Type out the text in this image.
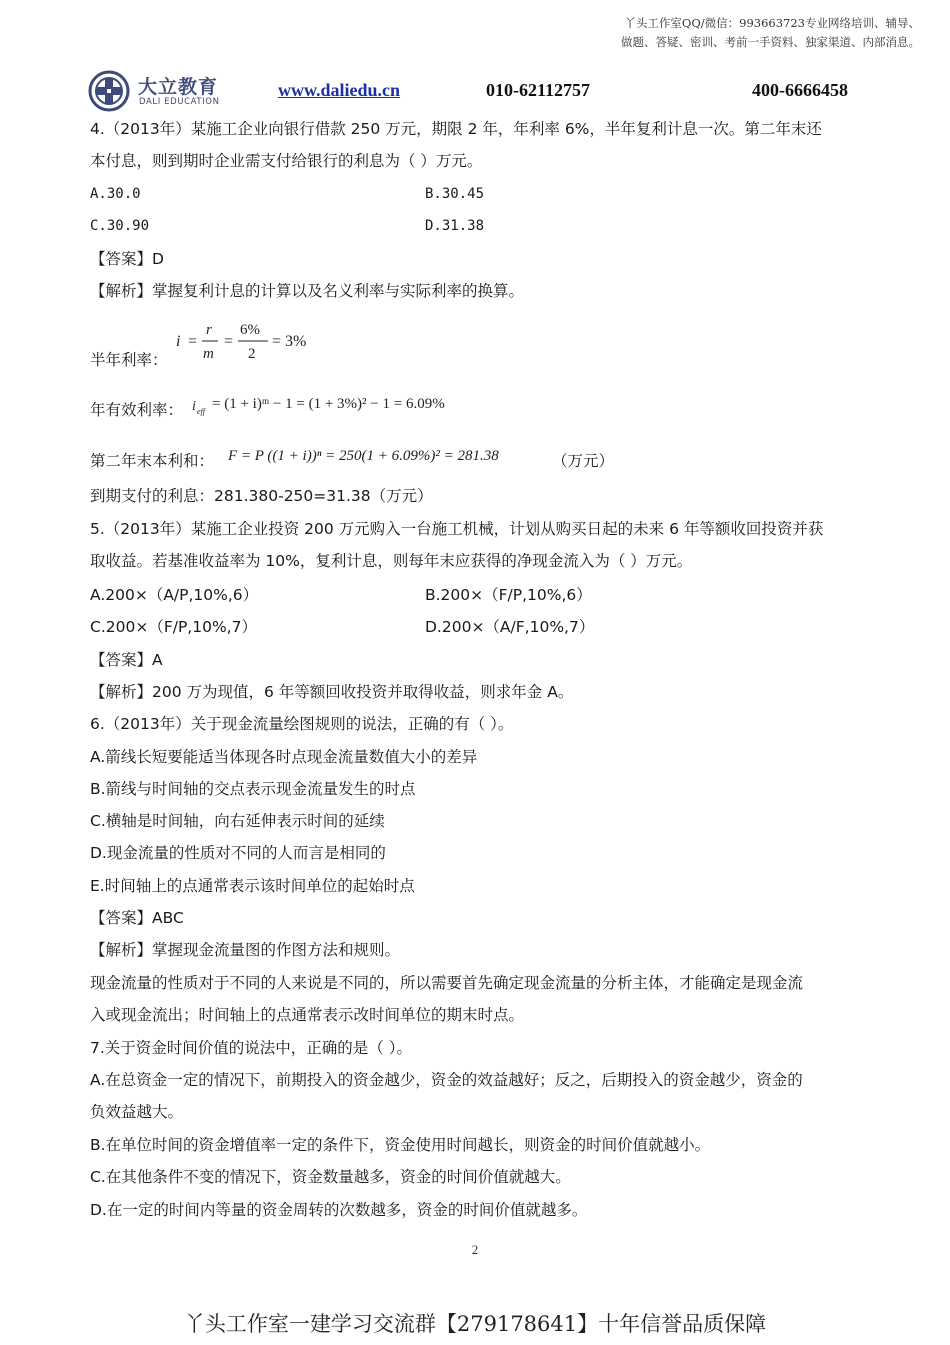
丫头工作室QQ/微信：993663723专业网络培训、辅导、
做题、答疑、密训、考前一手资料、独家渠道、内部消息。
大立教育
DALI EDUCATION
www.daliedu.cn	010-62112757	400-6666458
4.（2013年）某施工企业向银行借款 250 万元，期限 2 年，年利率 6%，半年复利计息一次。第二年末还
本付息，则到期时企业需支付给银行的利息为（ ）万元。
A.30.0	B.30.45
C.30.90	D.31.38
【答案】D
【解析】掌握复利计息的计算以及名义利率与实际利率的换算。
半年利率：
i =
r
m
=
6%
2
= 3%
年有效利率： i eff = (1 + i)ᵐ − 1 = (1 + 3%)² − 1 = 6.09%
第二年末本利和： F = P ((1 + i))ⁿ = 250(1 + 6.09%)² = 281.38	（万元）
到期支付的利息：281.380-250=31.38（万元）
5.（2013年）某施工企业投资 200 万元购入一台施工机械，计划从购买日起的未来 6 年等额收回投资并获
取收益。若基准收益率为 10%，复利计息，则每年末应获得的净现金流入为（ ）万元。
A.200×（A/P,10%,6）	B.200×（F/P,10%,6）
C.200×（F/P,10%,7）	D.200×（A/F,10%,7）
【答案】A
【解析】200 万为现值，6 年等额回收投资并取得收益，则求年金 A。
6.（2013年）关于现金流量绘图规则的说法，正确的有（ ）。
A.箭线长短要能适当体现各时点现金流量数值大小的差异
B.箭线与时间轴的交点表示现金流量发生的时点
C.横轴是时间轴，向右延伸表示时间的延续
D.现金流量的性质对不同的人而言是相同的
E.时间轴上的点通常表示该时间单位的起始时点
【答案】ABC
【解析】掌握现金流量图的作图方法和规则。
现金流量的性质对于不同的人来说是不同的，所以需要首先确定现金流量的分析主体，才能确定是现金流
入或现金流出；时间轴上的点通常表示改时间单位的期末时点。
7.关于资金时间价值的说法中，正确的是（ ）。
A.在总资金一定的情况下，前期投入的资金越少，资金的效益越好；反之，后期投入的资金越少，资金的
负效益越大。
B.在单位时间的资金增值率一定的条件下，资金使用时间越长，则资金的时间价值就越小。
C.在其他条件不变的情况下，资金数量越多，资金的时间价值就越大。
D.在一定的时间内等量的资金周转的次数越多，资金的时间价值就越多。
2
丫头工作室一建学习交流群【279178641】十年信誉品质保障
